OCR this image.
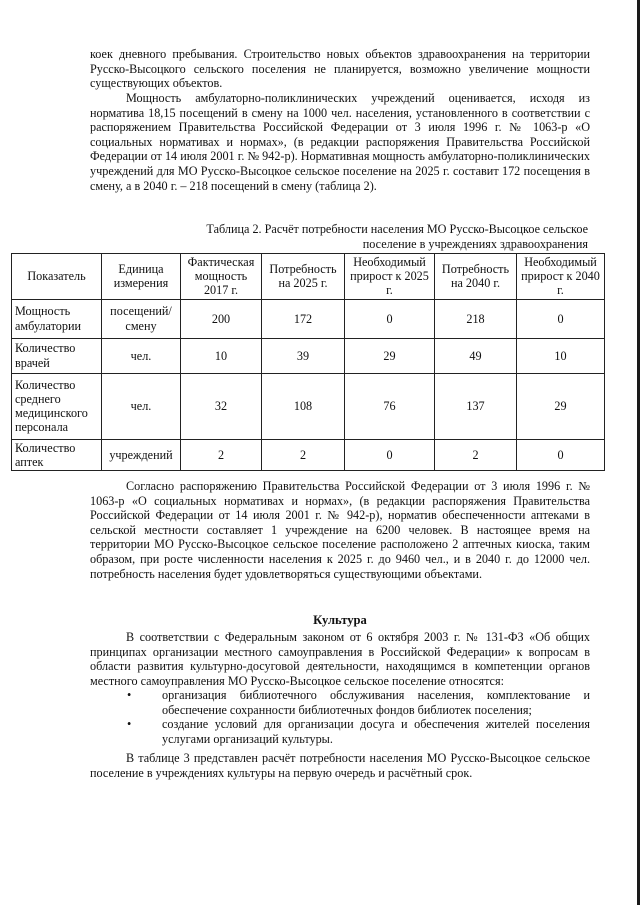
коек дневного пребывания. Строительство новых объектов здравоохранения на территории Русско-Высоцкого сельского поселения не планируется, возможно увеличение мощности существующих объектов.

Мощность амбулаторно-поликлинических учреждений оценивается, исходя из норматива 18,15 посещений в смену на 1000 чел. населения, установленного в соответствии с распоряжением Правительства Российской Федерации от 3 июля 1996 г. № 1063-р «О социальных нормативах и нормах», (в редакции распоряжения Правительства Российской Федерации от 14 июля 2001 г. № 942-р). Нормативная мощность амбулаторно-поликлинических учреждений для МО Русско-Высоцкое сельское поселение на 2025 г. составит 172 посещения в смену, а в 2040 г. – 218 посещений в смену (таблица 2).

Таблица 2. Расчёт потребности населения МО Русско-Высоцкое сельское поселение в учреждениях здравоохранения

Показатель	Единица измерения	Фактическая мощность 2017 г.	Потребность на 2025 г.	Необходимый прирост к 2025 г.	Потребность на 2040 г.	Необходимый прирост к 2040 г.
Мощность амбулатории	посещений/ смену	200	172	0	218	0
Количество врачей	чел.	10	39	29	49	10
Количество среднего медицинского персонала	чел.	32	108	76	137	29
Количество аптек	учреждений	2	2	0	2	0

Согласно распоряжению Правительства Российской Федерации от 3 июля 1996 г. № 1063-р «О социальных нормативах и нормах», (в редакции распоряжения Правительства Российской Федерации от 14 июля 2001 г. № 942-р), норматив обеспеченности аптеками в сельской местности составляет 1 учреждение на 6200 человек. В настоящее время на территории МО Русско-Высоцкое сельское поселение расположено 2 аптечных киоска, таким образом, при росте численности населения к 2025 г. до 9460 чел., и в 2040 г. до 12000 чел. потребность населения будет удовлетворяться существующими объектами.

Культура

В соответствии с Федеральным законом от 6 октября 2003 г. № 131-ФЗ «Об общих принципах организации местного самоуправления в Российской Федерации» к вопросам в области развития культурно-досуговой деятельности, находящимся в компетенции органов местного самоуправления МО Русско-Высоцкое сельское поселение относятся:

•	организация библиотечного обслуживания населения, комплектование и обеспечение сохранности библиотечных фондов библиотек поселения;
•	создание условий для организации досуга и обеспечения жителей поселения услугами организаций культуры.

В таблице 3 представлен расчёт потребности населения МО Русско-Высоцкое сельское поселение в учреждениях культуры на первую очередь и расчётный срок.
